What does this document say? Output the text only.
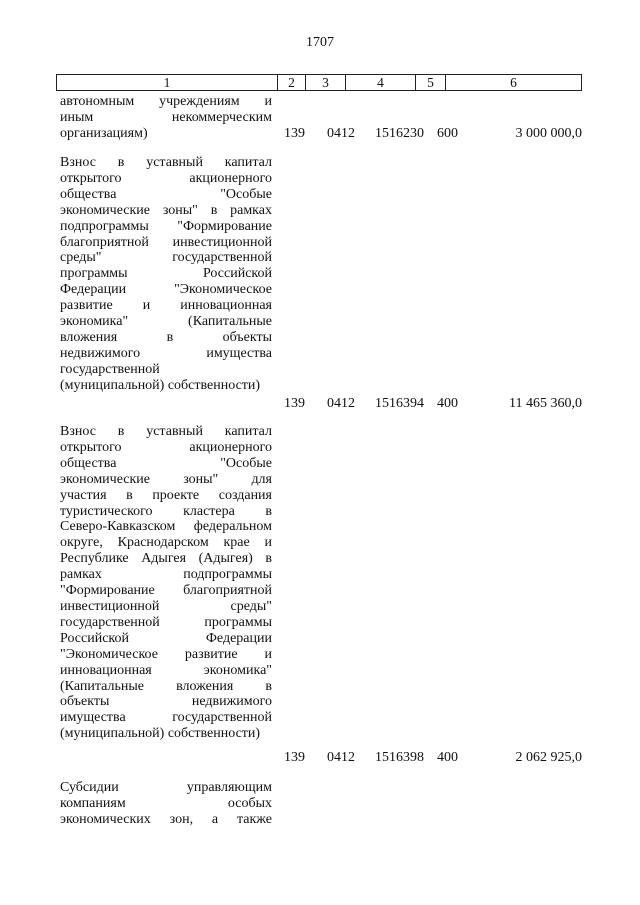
1707
1	2	3	4	5	6

автономным учреждениям и

иным некоммерческим

организациям)	139 0412 1516230 600	3 000 000,0

Взнос в уставный капитал

открытого акционерного

общества "Особые

экономические зоны" в рамках

подпрограммы "Формирование

благоприятной инвестиционной

среды" государственной

программы Российской

Федерации "Экономическое

развитие и инновационная

экономика" (Капитальные

вложения в объекты

недвижимого имущества

государственной

(муниципальной) собственности)

139 0412 1516394 400	11 465 360,0

Взнос в уставный капитал

открытого акционерного

общества "Особые

экономические зоны" для

участия в проекте создания

туристического кластера в

Северо-Кавказском федеральном

округе, Краснодарском крае и

Республике Адыгея (Адыгея) в

рамках подпрограммы

"Формирование благоприятной

инвестиционной среды"

государственной программы

Российской Федерации

"Экономическое развитие и

инновационная экономика"

(Капитальные вложения в

объекты недвижимого

имущества государственной

(муниципальной) собственности)

139 0412 1516398 400	2 062 925,0

Субсидии управляющим

компаниям особых

экономических зон, а также
